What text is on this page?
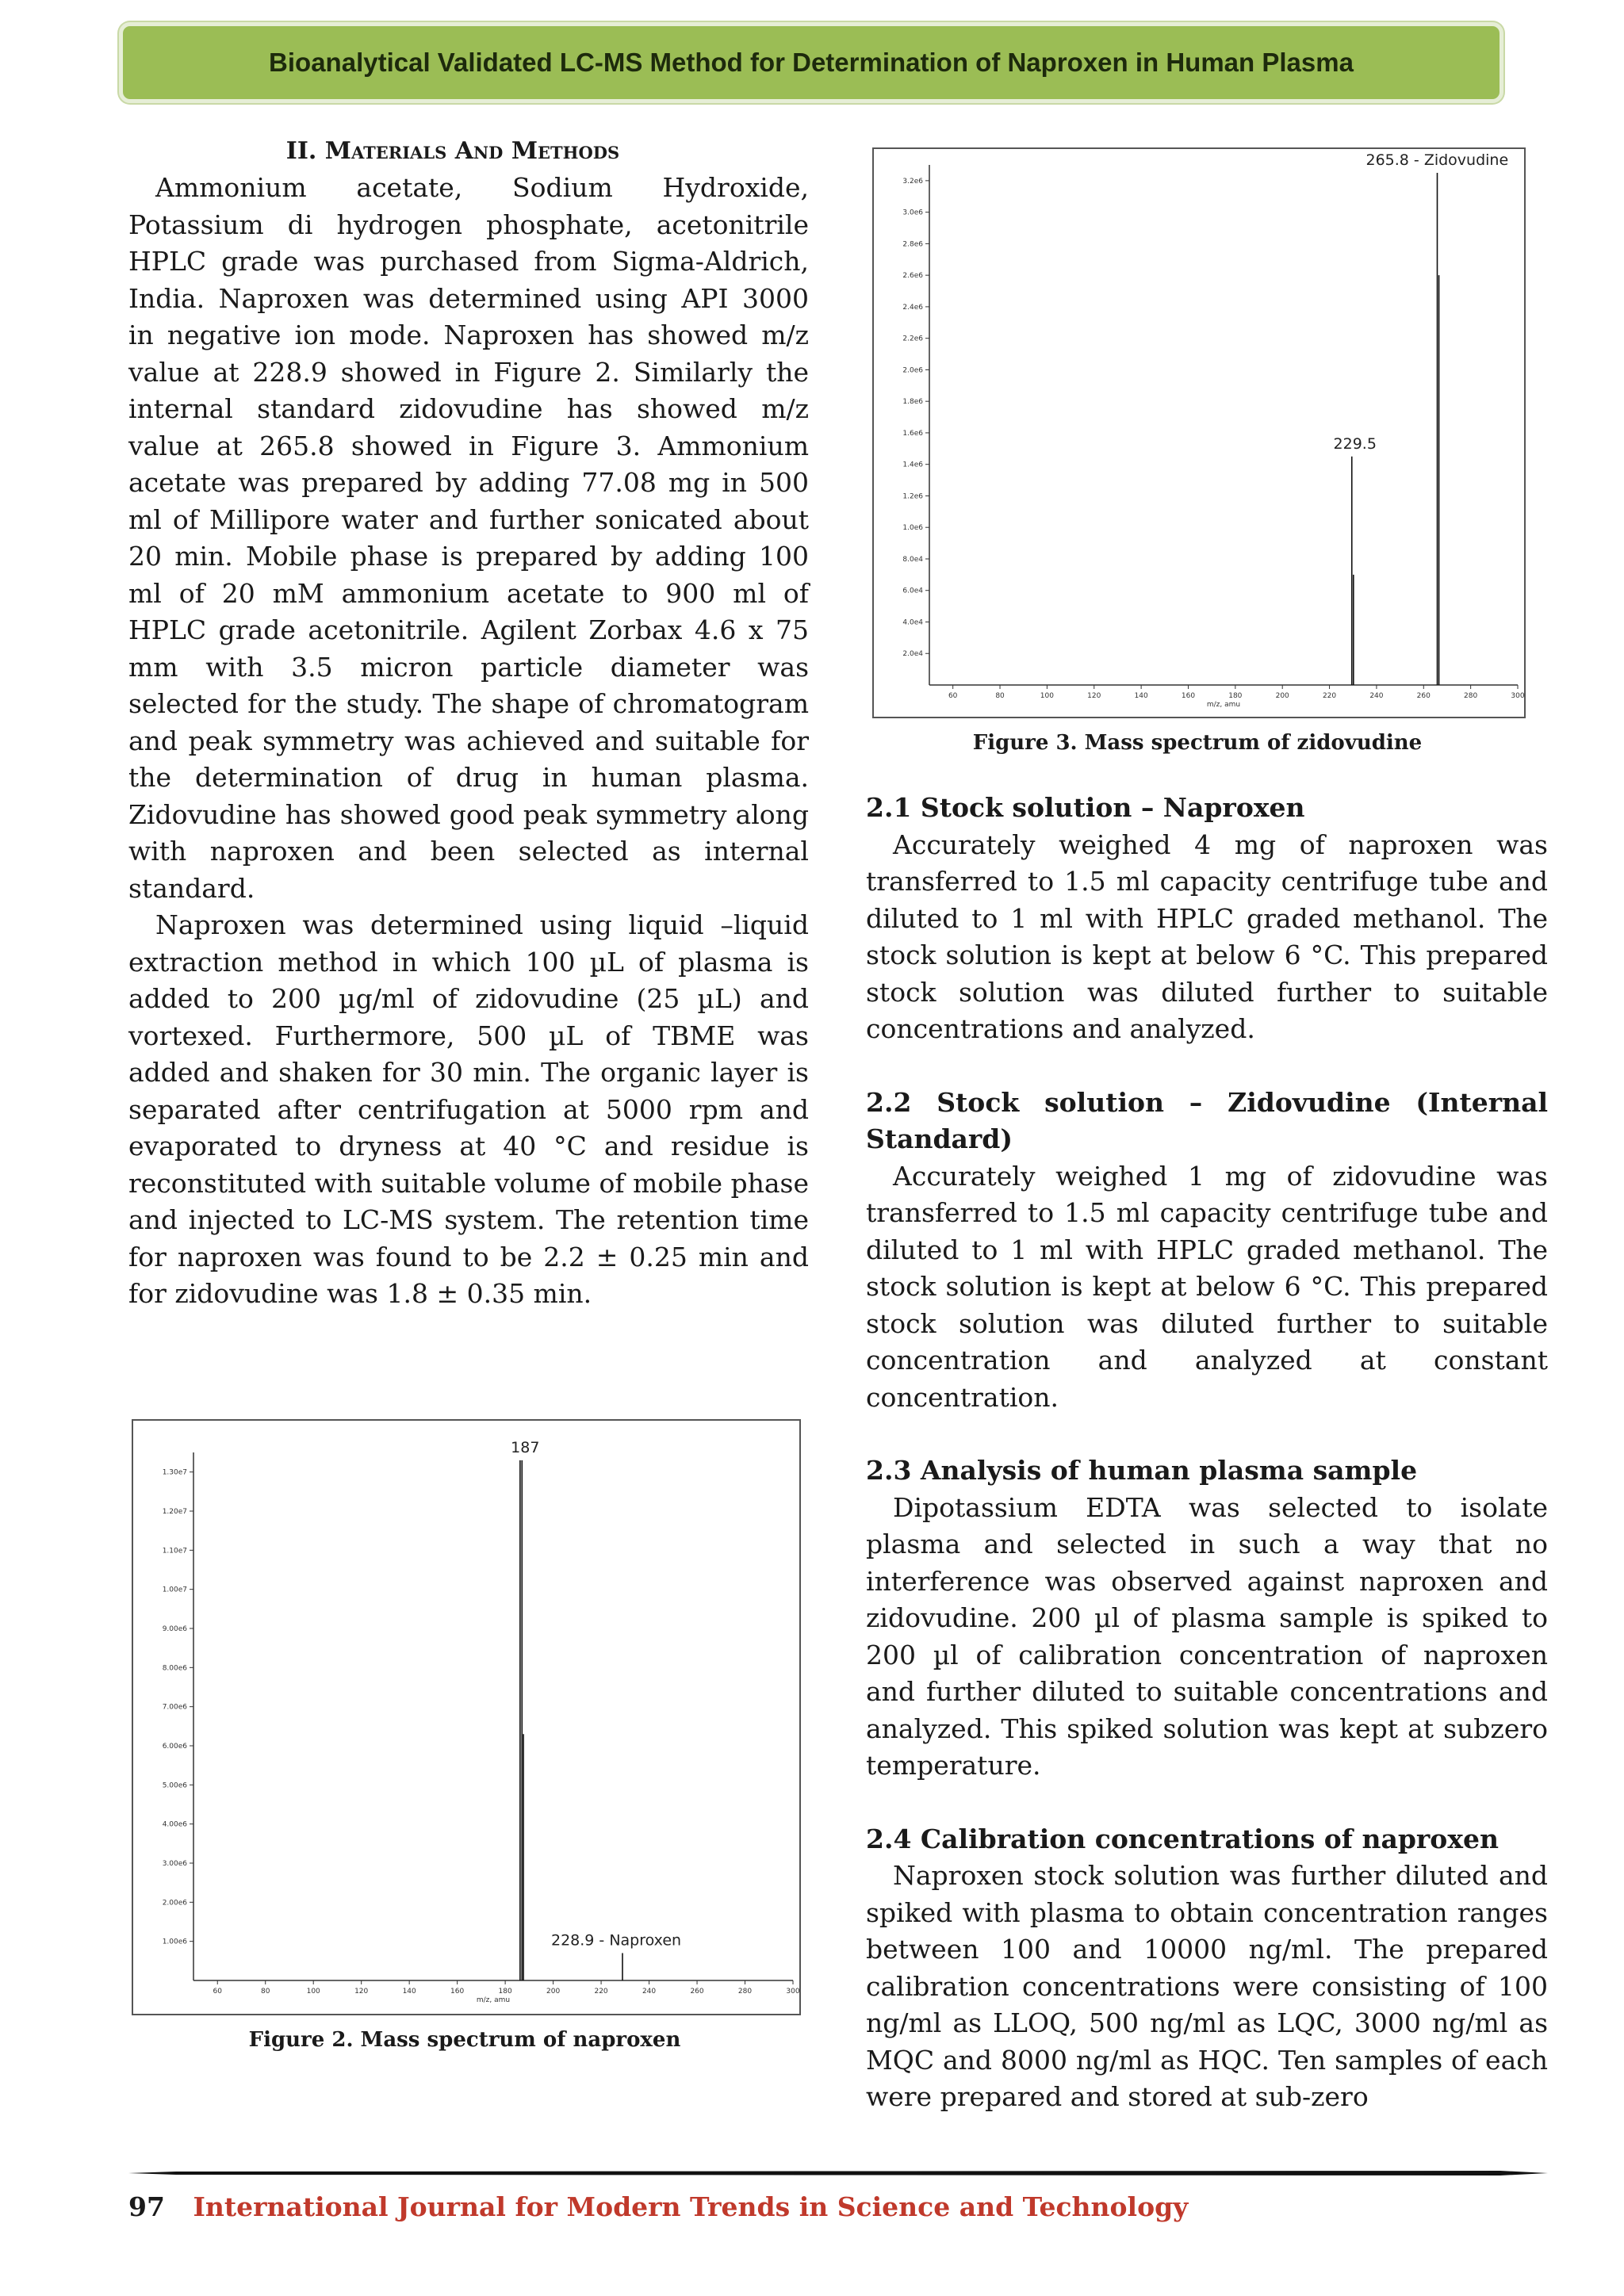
Bioanalytical Validated LC-MS Method for Determination of Naproxen in Human Plasma
II. Materials And Methods

Ammonium acetate, Sodium Hydroxide, Potassium di hydrogen phosphate, acetonitrile HPLC grade was purchased from Sigma-Aldrich, India. Naproxen was determined using API 3000 in negative ion mode. Naproxen has showed m/z value at 228.9 showed in Figure 2. Similarly the internal standard zidovudine has showed m/z value at 265.8 showed in Figure 3. Ammonium acetate was prepared by adding 77.08 mg in 500 ml of Millipore water and further sonicated about 20 min. Mobile phase is prepared by adding 100 ml of 20 mM ammonium acetate to 900 ml of HPLC grade acetonitrile. Agilent Zorbax 4.6 x 75 mm with 3.5 micron particle diameter was selected for the study. The shape of chromatogram and peak symmetry was achieved and suitable for the determination of drug in human plasma. Zidovudine has showed good peak symmetry along with naproxen and been selected as internal standard.

Naproxen was determined using liquid –liquid extraction method in which 100 µL of plasma is added to 200 µg/ml of zidovudine (25 µL) and vortexed. Furthermore, 500 µL of TBME was added and shaken for 30 min. The organic layer is separated after centrifugation at 5000 rpm and evaporated to dryness at 40 °C and residue is reconstituted with suitable volume of mobile phase and injected to LC-MS system. The retention time for naproxen was found to be 2.2 ± 0.25 min and for zidovudine was 1.8 ± 0.35 min.

2.0e4
4.0e4
6.0e4
8.0e4
1.0e6
1.2e6
1.4e6
1.6e6
1.8e6
2.0e6
2.2e6
2.4e6
2.6e6
2.8e6
3.0e6
3.2e6
60	80	100	120	140	160	180	200	220	240	260	280	300
m/z, amu
229.5
265.8 - Zidovudine
Figure 3. Mass spectrum of zidovudine
1.00e6
2.00e6
3.00e6
4.00e6
5.00e6
6.00e6
7.00e6
8.00e6
9.00e6
1.00e7
1.10e7
1.20e7
1.30e7
60	80	100	120	140	160	180	200	220	240	260	280	300
m/z, amu
187
228.9 - Naproxen
Figure 2. Mass spectrum of naproxen
2.1 Stock solution – Naproxen

Accurately weighed 4 mg of naproxen was transferred to 1.5 ml capacity centrifuge tube and diluted to 1 ml with HPLC graded methanol. The stock solution is kept at below 6 °C. This prepared stock solution was diluted further to suitable concentrations and analyzed.

2.2 Stock solution – Zidovudine (Internal Standard)

Accurately weighed 1 mg of zidovudine was transferred to 1.5 ml capacity centrifuge tube and diluted to 1 ml with HPLC graded methanol. The stock solution is kept at below 6 °C. This prepared stock solution was diluted further to suitable concentration and analyzed at constant concentration.

2.3 Analysis of human plasma sample

Dipotassium EDTA was selected to isolate plasma and selected in such a way that no interference was observed against naproxen and zidovudine. 200 µl of plasma sample is spiked to 200 µl of calibration concentration of naproxen and further diluted to suitable concentrations and analyzed. This spiked solution was kept at subzero temperature.

2.4 Calibration concentrations of naproxen

Naproxen stock solution was further diluted and spiked with plasma to obtain concentration ranges between 100 and 10000 ng/ml. The prepared calibration concentrations were consisting of 100 ng/ml as LLOQ, 500 ng/ml as LQC, 3000 ng/ml as MQC and 8000 ng/ml as HQC. Ten samples of each were prepared and stored at sub-zero

97 International Journal for Modern Trends in Science and Technology
